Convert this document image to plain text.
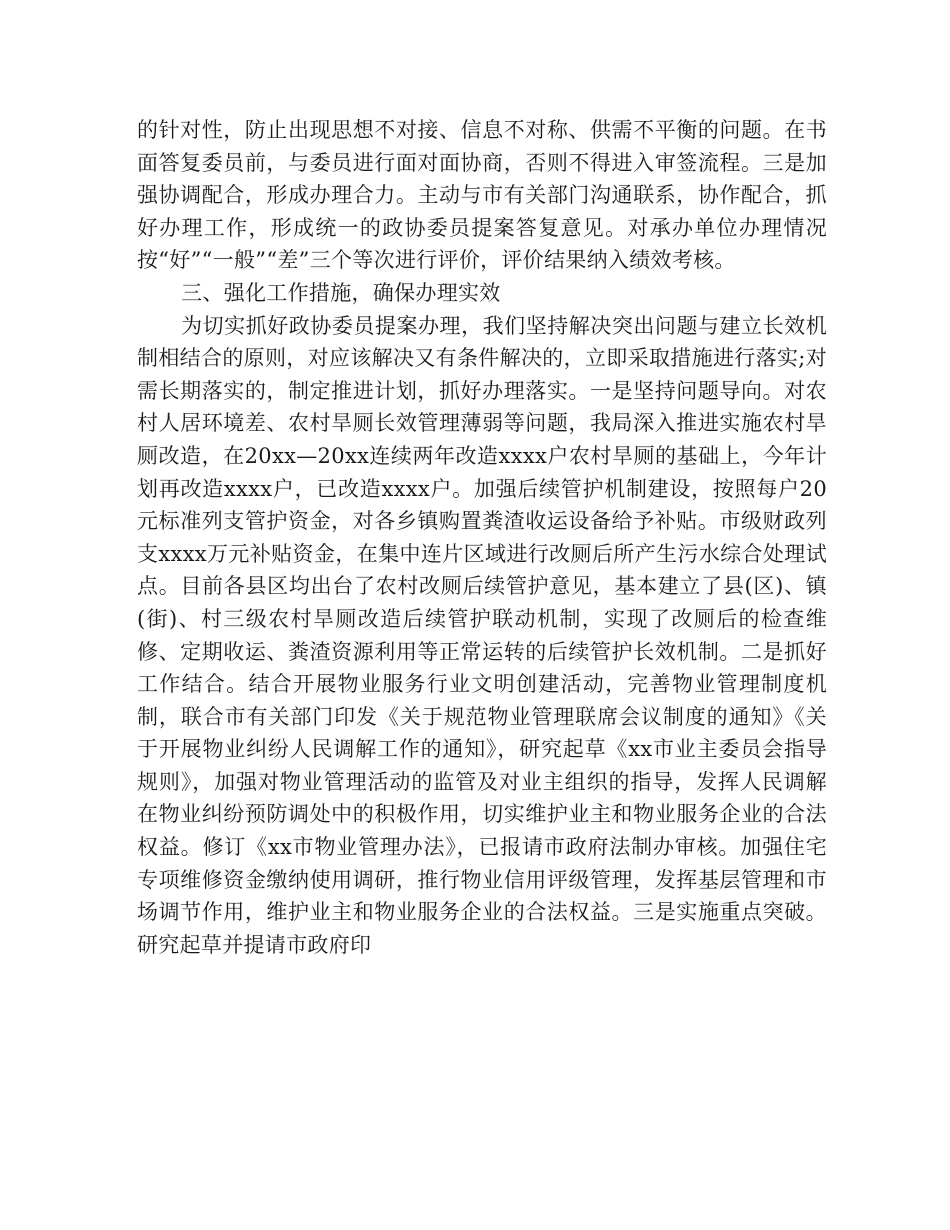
的针对性，防止出现思想不对接、信息不对称、供需不平衡的问题。在书面答复委员前，与委员进行面对面协商，否则不得进入审签流程。三是加强协调配合，形成办理合力。主动与市有关部门沟通联系，协作配合，抓好办理工作，形成统一的政协委员提案答复意见。对承办单位办理情况按“好”“一般”“差”三个等次进行评价，评价结果纳入绩效考核。

三、强化工作措施，确保办理实效

为切实抓好政协委员提案办理，我们坚持解决突出问题与建立长效机制相结合的原则，对应该解决又有条件解决的，立即采取措施进行落实;对需长期落实的，制定推进计划，抓好办理落实。一是坚持问题导向。对农村人居环境差、农村旱厕长效管理薄弱等问题，我局深入推进实施农村旱厕改造，在20xx—20xx连续两年改造xxxx户农村旱厕的基础上，今年计划再改造xxxx户，已改造xxxx户。加强后续管护机制建设，按照每户20元标准列支管护资金，对各乡镇购置粪渣收运设备给予补贴。市级财政列支xxxx万元补贴资金，在集中连片区域进行改厕后所产生污水综合处理试点。目前各县区均出台了农村改厕后续管护意见，基本建立了县(区)、镇(街)、村三级农村旱厕改造后续管护联动机制，实现了改厕后的检查维修、定期收运、粪渣资源利用等正常运转的后续管护长效机制。二是抓好工作结合。结合开展物业服务行业文明创建活动，完善物业管理制度机制，联合市有关部门印发《关于规范物业管理联席会议制度的通知》《关于开展物业纠纷人民调解工作的通知》，研究起草《xx市业主委员会指导规则》，加强对物业管理活动的监管及对业主组织的指导，发挥人民调解在物业纠纷预防调处中的积极作用，切实维护业主和物业服务企业的合法权益。修订《xx市物业管理办法》，已报请市政府法制办审核。加强住宅专项维修资金缴纳使用调研，推行物业信用评级管理，发挥基层管理和市场调节作用，维护业主和物业服务企业的合法权益。三是实施重点突破。研究起草并提请市政府印
